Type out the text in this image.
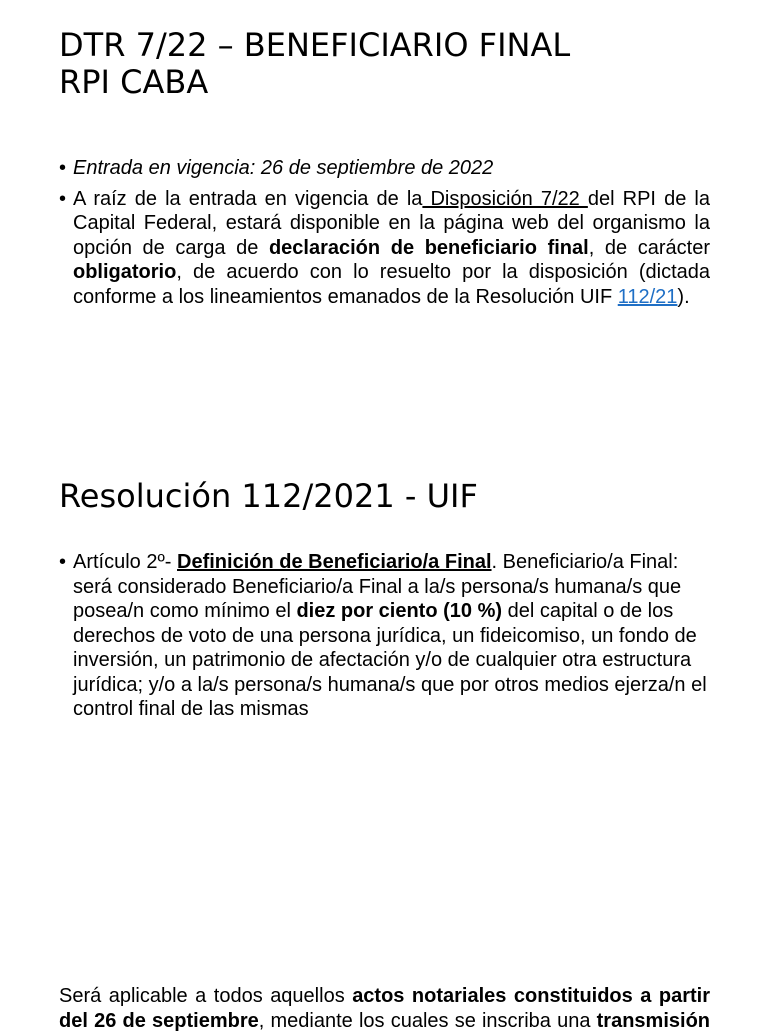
DTR 7/22 – BENEFICIARIO FINAL
RPI CABA
• Entrada en vigencia: 26 de septiembre de 2022
• A raíz de la entrada en vigencia de la Disposición 7/22 del RPI de la Capital Federal, estará disponible en la página web del organismo la opción de carga de declaración de beneficiario final, de carácter obligatorio, de acuerdo con lo resuelto por la disposición (dictada conforme a los lineamientos emanados de la Resolución UIF 112/21).
Resolución 112/2021 - UIF
• Artículo 2º- Definición de Beneficiario/a Final. Beneficiario/a Final: será considerado Beneficiario/a Final a la/s persona/s humana/s que posea/n como mínimo el diez por ciento (10 %) del capital o de los derechos de voto de una persona jurídica, un fideicomiso, un fondo de inversión, un patrimonio de afectación y/o de cualquier otra estructura jurídica; y/o a la/s persona/s humana/s que por otros medios ejerza/n el control final de las mismas

Será aplicable a todos aquellos actos notariales constituidos a partir del 26 de septiembre, mediante los cuales se inscriba una transmisión
